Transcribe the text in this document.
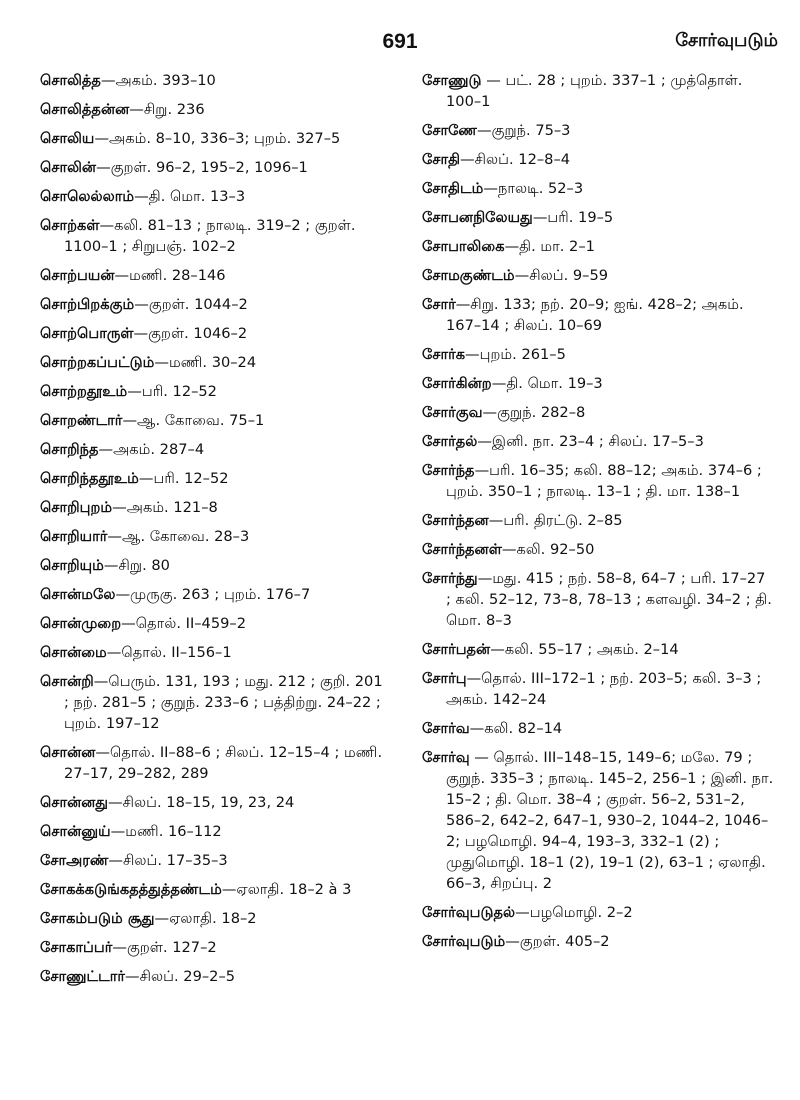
691	சோர்வுபடும்

சொலித்த—அகம். 393–10

சொலித்தன்ன—சிறு. 236

சொலிய—அகம். 8–10, 336–3; புறம். 327–5

சொலின்—குறள். 96–2, 195–2, 1096–1

சொலெல்லாம்—தி. மொ. 13–3

சொற்கள்—கலி. 81–13 ; நாலடி. 319–2 ; குறள். 1100–1 ; சிறுபஞ். 102–2

சொற்பயன்—மணி. 28–146

சொற்பிறக்கும்—குறள். 1044–2

சொற்பொருள்—குறள். 1046–2

சொற்றகப்பட்டும்—மணி. 30–24

சொற்றதூஉம்—பரி. 12–52

சொறண்டார்—ஆ. கோவை. 75–1

சொறிந்த—அகம். 287–4

சொறிந்ததூஉம்—பரி. 12–52

சொறிபுறம்—அகம். 121–8

சொறியார்—ஆ. கோவை. 28–3

சொறியும்—சிறு. 80

சொன்மலே—முருகு. 263 ; புறம். 176–7

சொன்முறை—தொல். II–459–2

சொன்மை—தொல். II–156–1

சொன்றி—பெரும். 131, 193 ; மது. 212 ; குறி. 201 ; நற். 281–5 ; குறுந். 233–6 ; பத்திற்று. 24–22 ; புறம். 197–12

சொன்ன—தொல். II–88–6 ; சிலப். 12–15–4 ; மணி. 27–17, 29–282, 289

சொன்னது—சிலப். 18–15, 19, 23, 24

சொன்னுய்—மணி. 16–112

சோஅரண்—சிலப். 17–35–3

சோகக்கடுங்கதத்துத்தண்டம்—ஏலாதி. 18–2 à 3

சோகம்படும் சூது—ஏலாதி. 18–2

சோகாப்பர்—குறள். 127–2

சோணுட்டார்—சிலப். 29–2–5

சோணுடு — பட். 28 ; புறம். 337–1 ; முத்தொள். 100–1

சோணே—குறுந். 75–3

சோதி—சிலப். 12–8–4

சோதிடம்—நாலடி. 52–3

சோபனநிலேயது—பரி. 19–5

சோபாலிகை—தி. மா. 2–1

சோமகுண்டம்—சிலப். 9–59

சோர்—சிறு. 133; நற். 20–9; ஐங். 428–2; அகம். 167–14 ; சிலப். 10–69

சோர்க—புறம். 261–5

சோர்கின்ற—தி. மொ. 19–3

சோர்குவ—குறுந். 282–8

சோர்தல்—இனி. நா. 23–4 ; சிலப். 17–5–3

சோர்ந்த—பரி. 16–35; கலி. 88–12; அகம். 374–6 ; புறம். 350–1 ; நாலடி. 13–1 ; தி. மா. 138–1

சோர்ந்தன—பரி. திரட்டு. 2–85

சோர்ந்தனள்—கலி. 92–50

சோர்ந்து—மது. 415 ; நற். 58–8, 64–7 ; பரி. 17–27 ; கலி. 52–12, 73–8, 78–13 ; களவழி. 34–2 ; தி. மொ. 8–3

சோர்பதன்—கலி. 55–17 ; அகம். 2–14

சோர்பு—தொல். III–172–1 ; நற். 203–5; கலி. 3–3 ; அகம். 142–24

சோர்வ—கலி. 82–14

சோர்வு — தொல். III–148–15, 149–6; மலே. 79 ; குறுந். 335–3 ; நாலடி. 145–2, 256–1 ; இனி. நா. 15–2 ; தி. மொ. 38–4 ; குறள். 56–2, 531–2, 586–2, 642–2, 647–1, 930–2, 1044–2, 1046–2; பழமொழி. 94–4, 193–3, 332–1 (2) ; முதுமொழி. 18–1 (2), 19–1 (2), 63–1 ; ஏலாதி. 66–3, சிறப்பு. 2

சோர்வுபடுதல்—பழமொழி. 2–2

சோர்வுபடும்—குறள். 405–2
